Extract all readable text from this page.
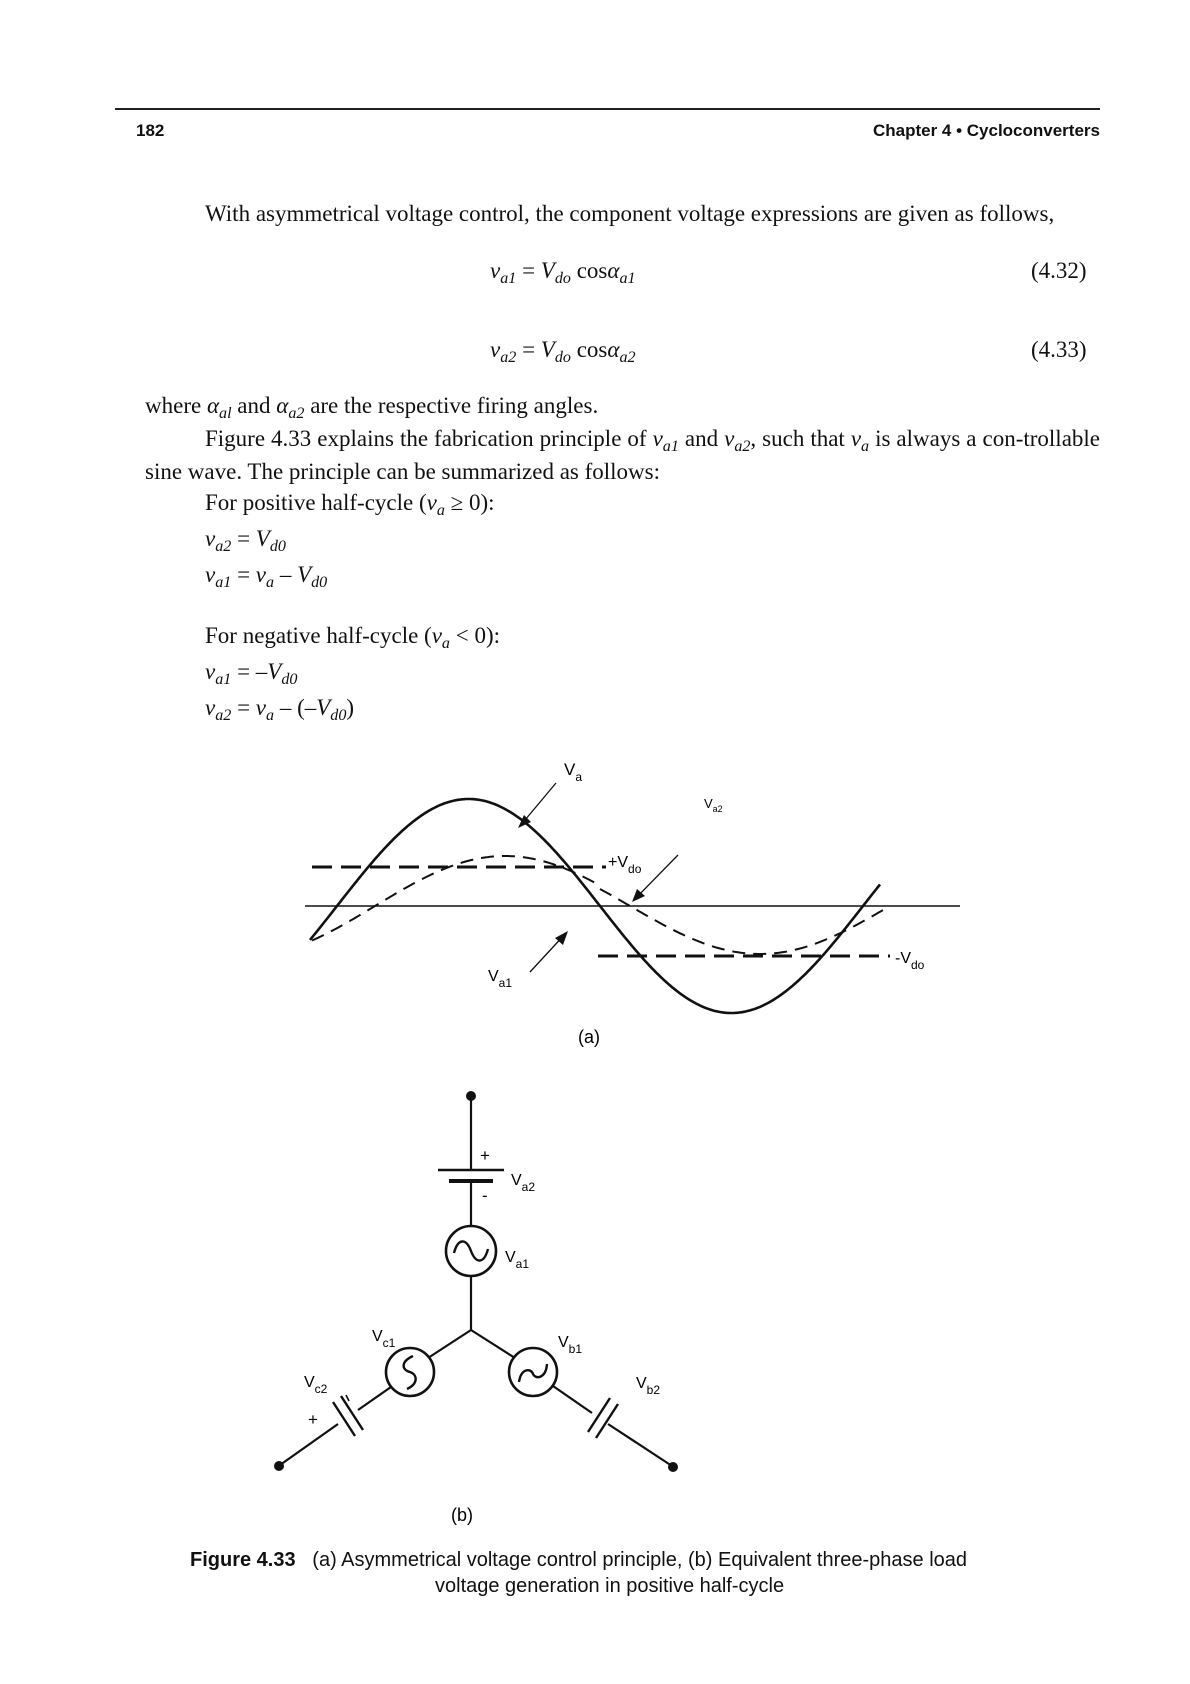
182	Chapter 4 • Cycloconverters
With asymmetrical voltage control, the component voltage expressions are given as follows,
$v_{a1} = V_{do}$ cosα$_{a1}$	(4.32)
$v_{a2} = V_{do}$ cosα$_{a2}$	(4.33)
where $\alpha_{al}$ and $\alpha_{a2}$ are the respective firing angles.
Figure 4.33 explains the fabrication principle of $v_{a1}$ and $v_{a2}$, such that $v_a$ is always a con-trollable sine wave. The principle can be summarized as follows:
For positive half-cycle $(v_a \ge 0)$:
$v_{a2} = V_{d0}$
$v_{a1} = v_a - V_{d0}$
For negative half-cycle $(v_a < 0)$:
$v_{a1} = -V_{d0}$
$v_{a2} = v_a - (-V_{d0})$
$V_a$
$V_{a2}$
$+V_{do}$
$V_{a1}$
$-V_{do}$
(a)
+
-
$V_{a2}$
$V_{a1}$
$V_{c1}$
$V_{c2}$
+
$V_{b1}$
$V_{b2}$
(b)
Figure 4.33 (a) Asymmetrical voltage control principle, (b) Equivalent three-phase load
voltage generation in positive half-cycle
